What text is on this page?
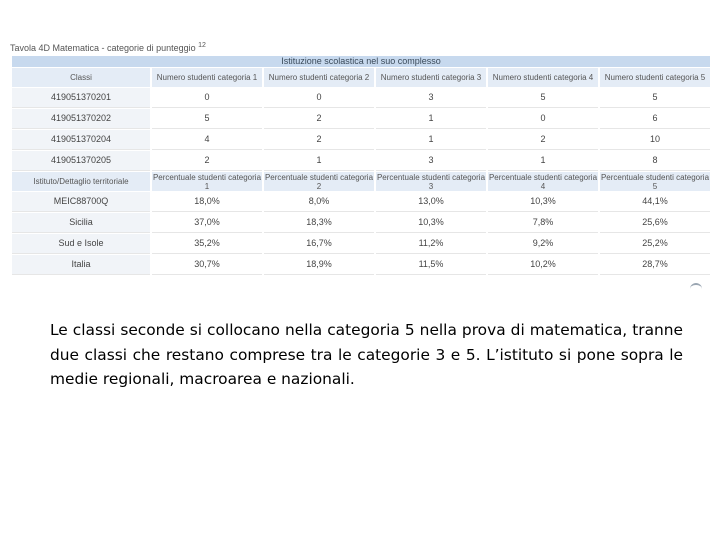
Tavola 4D Matematica - categorie di punteggio $^{12}$
Istituzione scolastica nel suo complesso					
Classi	Numero studenti categoria 1	Numero studenti categoria 2	Numero studenti categoria 3	Numero studenti categoria 4	Numero studenti categoria 5
419051370201	0	0	3	5	5
419051370202	5	2	1	0	6
419051370204	4	2	1	2	10
419051370205	2	1	3	1	8
Istituto/Dettaglio territoriale	Percentuale studenti categoria 1	Percentuale studenti categoria 2	Percentuale studenti categoria 3	Percentuale studenti categoria 4	Percentuale studenti categoria 5
MEIC88700Q	18,0%	8,0%	13,0%	10,3%	44,1%
Sicilia	37,0%	18,3%	10,3%	7,8%	25,6%
Sud e Isole	35,2%	16,7%	11,2%	9,2%	25,2%
Italia	30,7%	18,9%	11,5%	10,2%	28,7%

Le classi seconde si collocano nella categoria 5 nella prova di matematica, tranne due classi che restano comprese tra le categorie 3 e 5. L’istituto si pone sopra le medie regionali, macroarea e nazionali.
